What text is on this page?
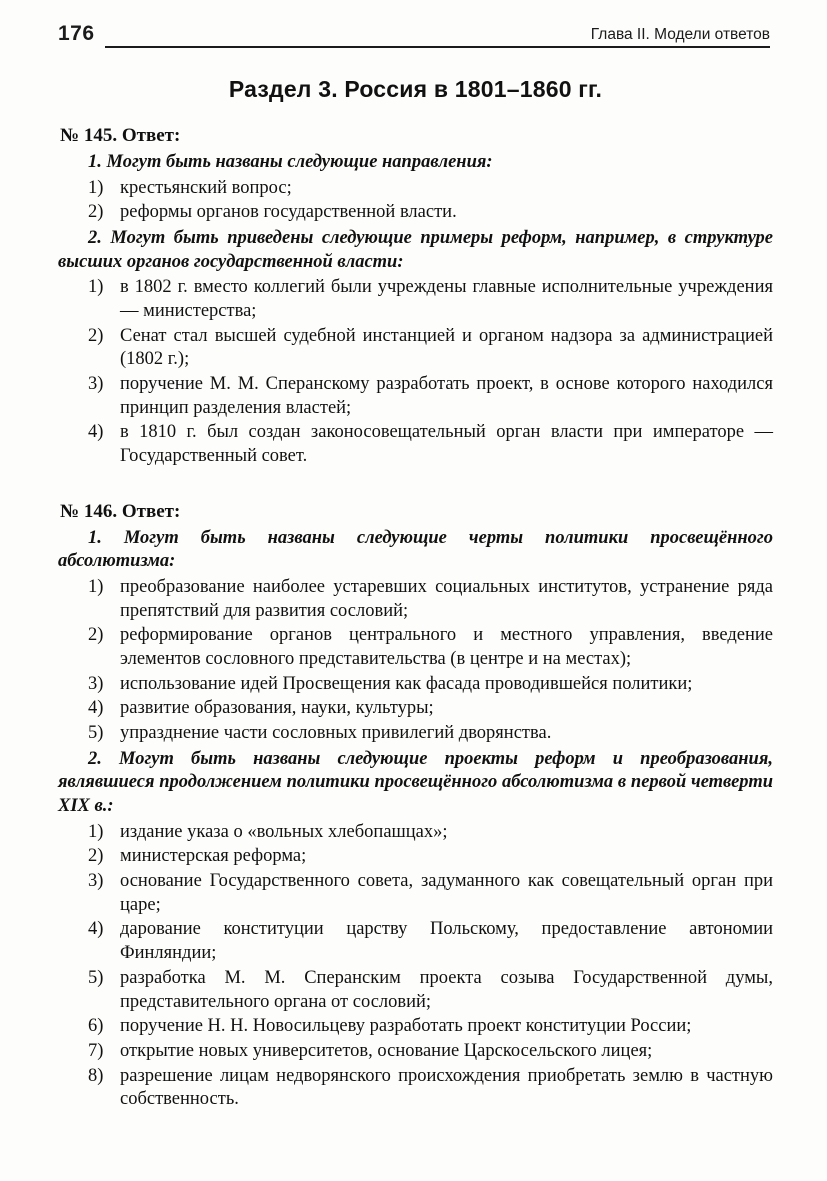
176	Глава II. Модели ответов
Раздел 3. Россия в 1801–1860 гг.
№ 145. Ответ:
1. Могут быть названы следующие направления:
1) крестьянский вопрос;
2) реформы органов государственной власти.
2. Могут быть приведены следующие примеры реформ, например, в структуре высших органов государственной власти:
1) в 1802 г. вместо коллегий были учреждены главные исполнительные учреждения — министерства;
2) Сенат стал высшей судебной инстанцией и органом надзора за администрацией (1802 г.);
3) поручение М. М. Сперанскому разработать проект, в основе которого находился принцип разделения властей;
4) в 1810 г. был создан законосовещательный орган власти при императоре — Государственный совет.
№ 146. Ответ:
1. Могут быть названы следующие черты политики просвещённого абсолютизма:
1) преобразование наиболее устаревших социальных институтов, устранение ряда препятствий для развития сословий;
2) реформирование органов центрального и местного управления, введение элементов сословного представительства (в центре и на местах);
3) использование идей Просвещения как фасада проводившейся политики;
4) развитие образования, науки, культуры;
5) упразднение части сословных привилегий дворянства.
2. Могут быть названы следующие проекты реформ и преобразования, являвшиеся продолжением политики просвещённого абсолютизма в первой четверти XIX в.:
1) издание указа о «вольных хлебопашцах»;
2) министерская реформа;
3) основание Государственного совета, задуманного как совещательный орган при царе;
4) дарование конституции царству Польскому, предоставление автономии Финляндии;
5) разработка М. М. Сперанским проекта созыва Государственной думы, представительного органа от сословий;
6) поручение Н. Н. Новосильцеву разработать проект конституции России;
7) открытие новых университетов, основание Царскосельского лицея;
8) разрешение лицам недворянского происхождения приобретать землю в частную собственность.
